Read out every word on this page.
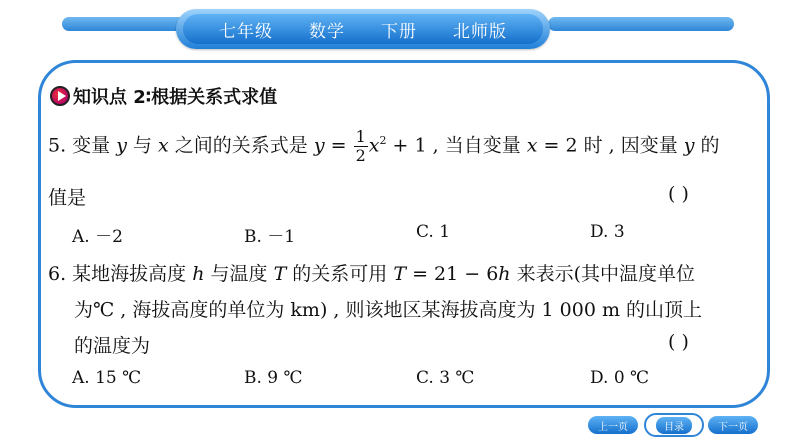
七年级 数学 下册 北师版
知识点 2∶根据关系式求值
5. 变量 y 与 x 之间的关系式是 $y = \frac{1}{2} x^2 + 1$ , 当自变量 x = 2 时 , 因变量 y 的
值是	( )
A. －2	B. －1	C. 1	D. 3
6. 某地海拔高度 h 与温度 T 的关系可用 T = 21 − 6h 来表示(其中温度单位
为℃ , 海拔高度的单位为 km) , 则该地区某海拔高度为 1 000 m 的山顶上
的温度为	( )
A. 15 ℃	B. 9 ℃	C. 3 ℃	D. 0 ℃
上一页	目录	下一页
